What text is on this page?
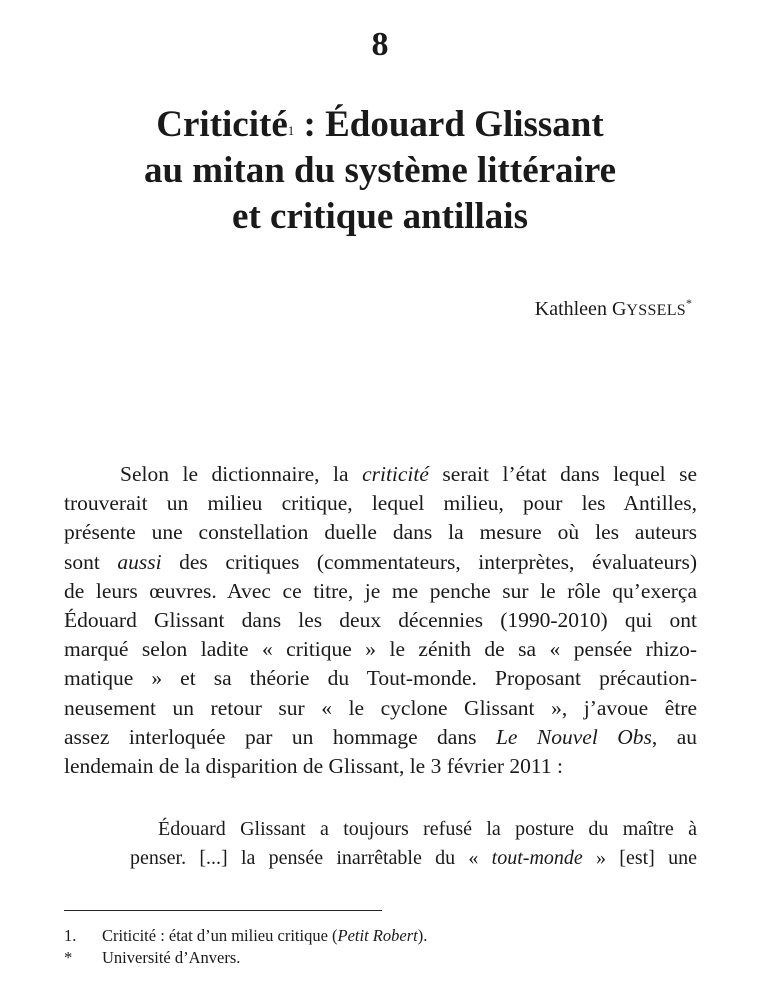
8
Criticité$^1$ : Édouard Glissant
au mitan du système littéraire
et critique antillais
Kathleen GYSSELS*
Selon le dictionnaire, la criticité serait l’état dans lequel se
trouverait un milieu critique, lequel milieu, pour les Antilles,
présente une constellation duelle dans la mesure où les auteurs
sont aussi des critiques (commentateurs, interprètes, évaluateurs)
de leurs œuvres. Avec ce titre, je me penche sur le rôle qu’exerça
Édouard Glissant dans les deux décennies (1990-2010) qui ont
marqué selon ladite « critique » le zénith de sa « pensée rhizo-
matique » et sa théorie du Tout-monde. Proposant précaution-
neusement un retour sur « le cyclone Glissant », j’avoue être
assez interloquée par un hommage dans Le Nouvel Obs, au
lendemain de la disparition de Glissant, le 3 février 2011 :
Édouard Glissant a toujours refusé la posture du maître à
penser. [...] la pensée inarrêtable du « tout-monde » [est] une
1.	Criticité : état d’un milieu critique (Petit Robert).
*	Université d’Anvers.
